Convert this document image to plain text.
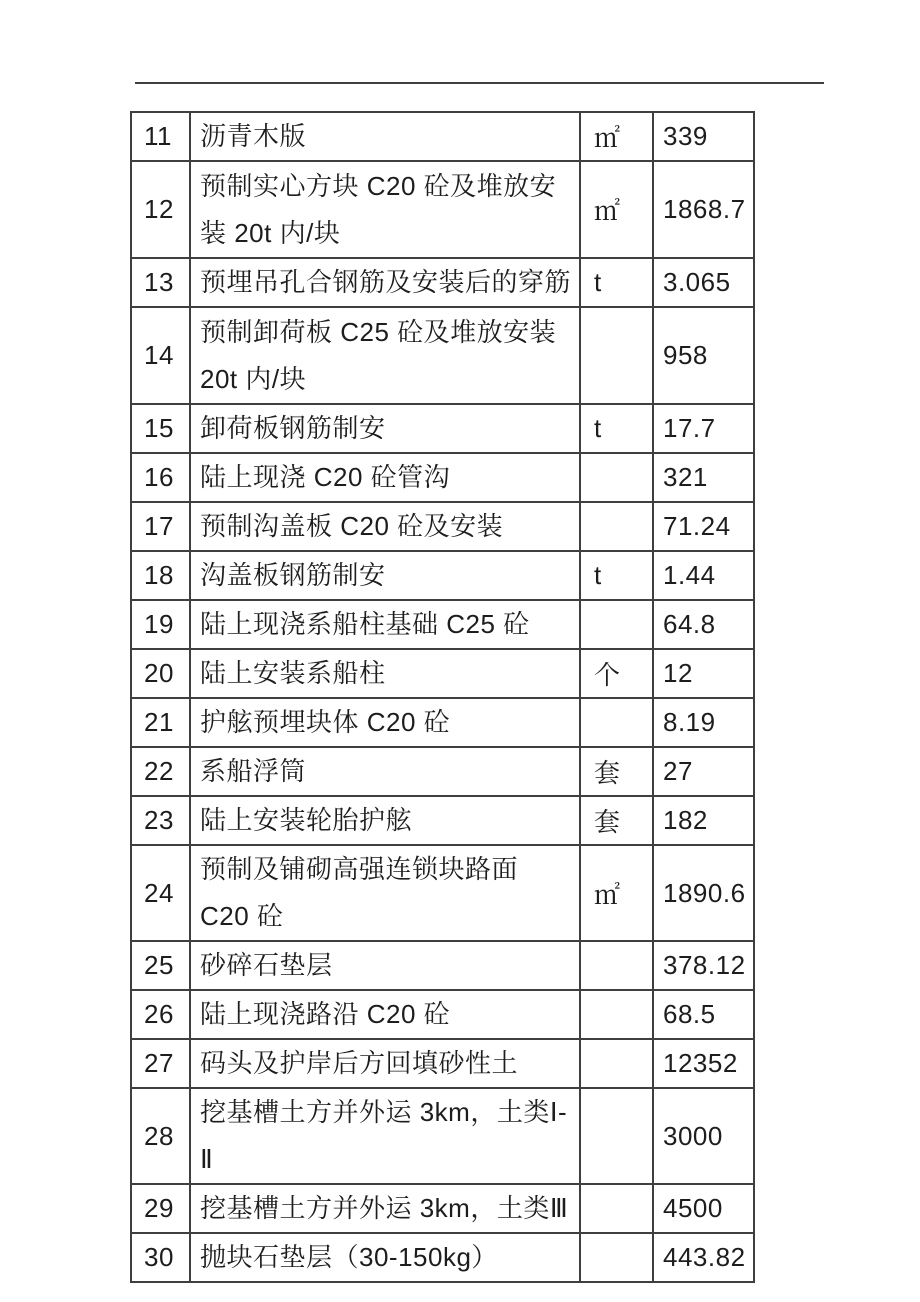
11	沥青木版	㎡	339
12	预制实心方块 C20 砼及堆放安装 20t 内/块	㎡	1868.7
13	预埋吊孔合钢筋及安装后的穿筋	t	3.065
14	预制卸荷板 C25 砼及堆放安装 20t 内/块		958
15	卸荷板钢筋制安	t	17.7
16	陆上现浇 C20 砼管沟		321
17	预制沟盖板 C20 砼及安装		71.24
18	沟盖板钢筋制安	t	1.44
19	陆上现浇系船柱基础 C25 砼		64.8
20	陆上安装系船柱	个	12
21	护舷预埋块体 C20 砼		8.19
22	系船浮筒	套	27
23	陆上安装轮胎护舷	套	182
24	预制及铺砌高强连锁块路面 C20 砼	㎡	1890.6
25	砂碎石垫层		378.12
26	陆上现浇路沿 C20 砼		68.5
27	码头及护岸后方回填砂性土		12352
28	挖基槽土方并外运 3km，土类Ⅰ-Ⅱ		3000
29	挖基槽土方并外运 3km，土类Ⅲ		4500
30	抛块石垫层（30-150kg）		443.82
